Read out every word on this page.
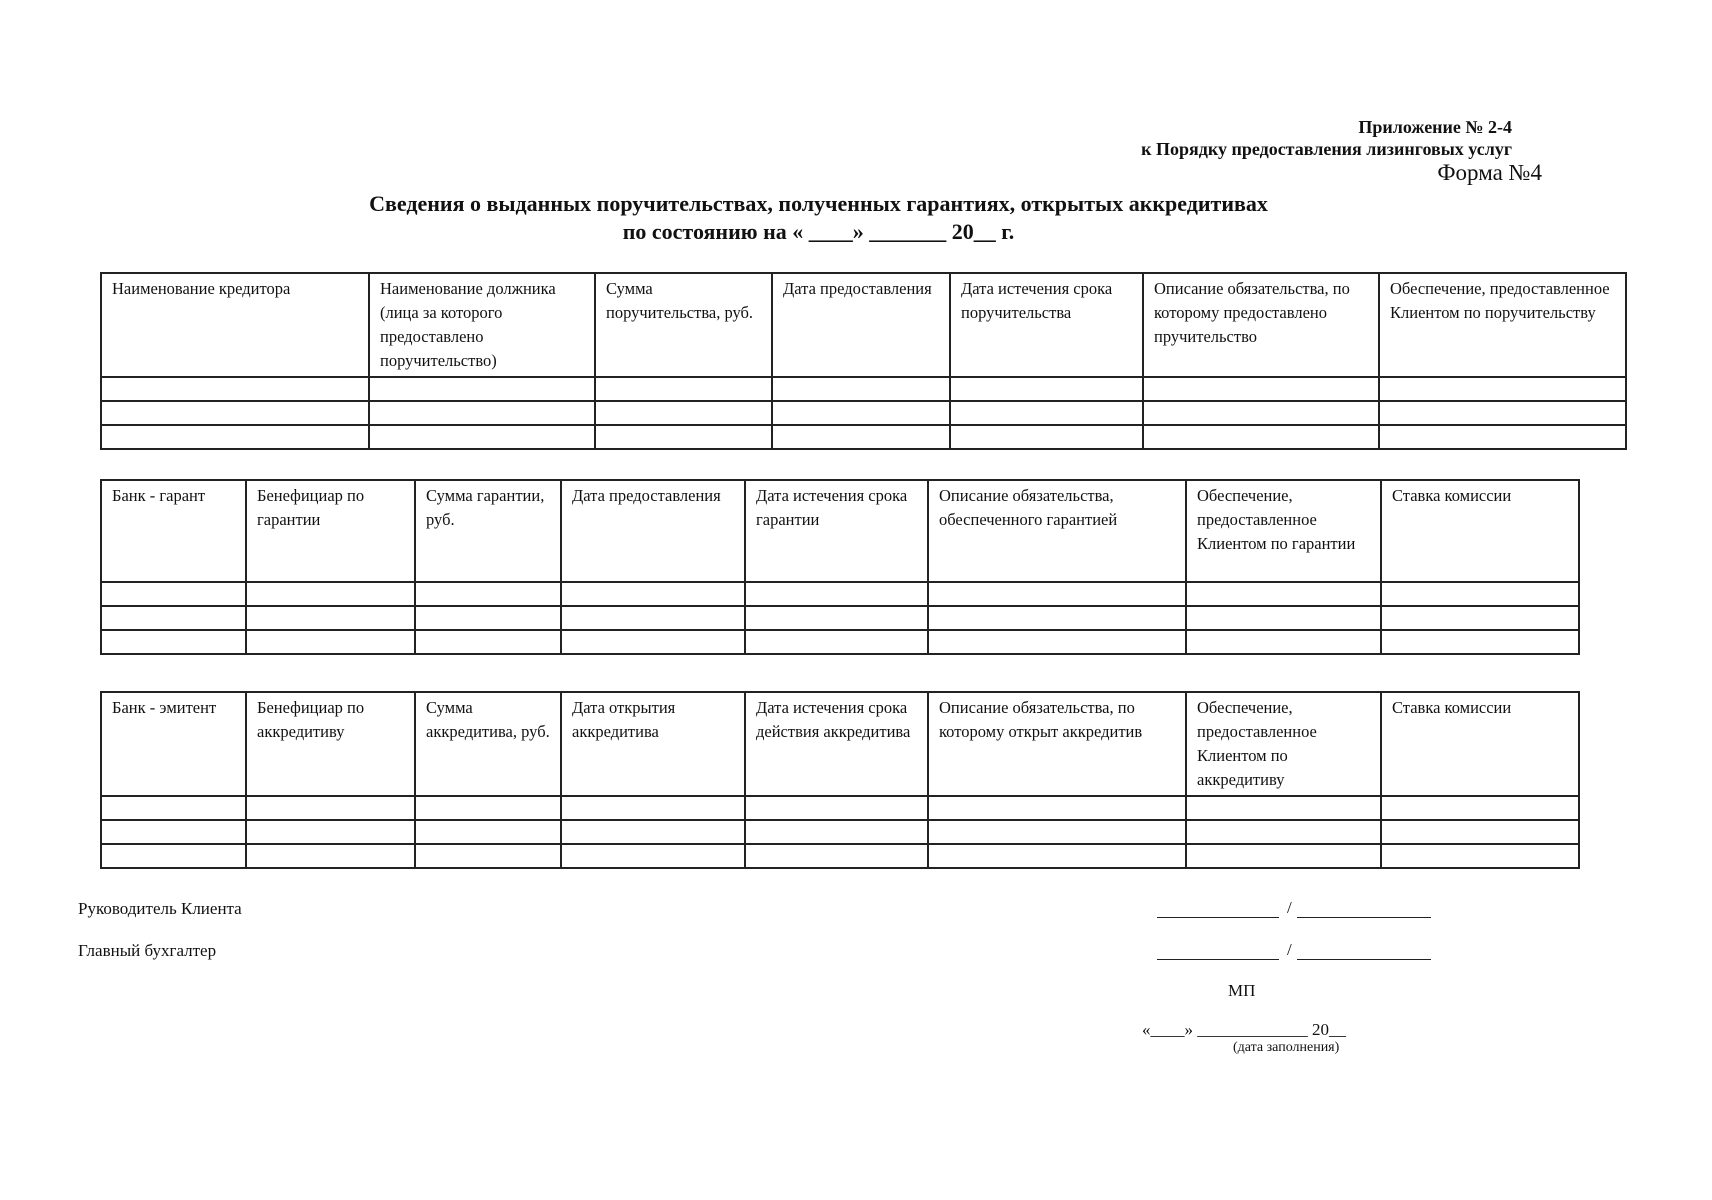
Приложение № 2-4
к Порядку предоставления лизинговых услуг
Форма №4
Сведения о выданных поручительствах, полученных гарантиях, открытых аккредитивах
по состоянию на « ____» _______ 20__ г.
Наименование кредитора	Наименование должника (лица за которого предоставлено поручительство)	Сумма поручительства, руб.	Дата предоставления	Дата истечения срока поручительства	Описание обязательства, по которому предоставлено пручительство	Обеспечение, предоставленное Клиентом по поручительству

Банк - гарант	Бенефициар по гарантии	Сумма гарантии, руб.	Дата предоставления	Дата истечения срока гарантии	Описание обязательства, обеспеченного гарантией	Обеспечение, предоставленное Клиентом по гарантии	Ставка комиссии

Банк - эмитент	Бенефициар по аккредитиву	Сумма аккредитива, руб.	Дата открытия аккредитива	Дата истечения срока действия аккредитива	Описание обязательства, по которому открыт аккредитив	Обеспечение, предоставленное Клиентом по аккредитиву	Ставка комиссии

Руководитель Клиента	/
Главный бухгалтер	/
МП
«____» _____________ 20__
(дата заполнения)
